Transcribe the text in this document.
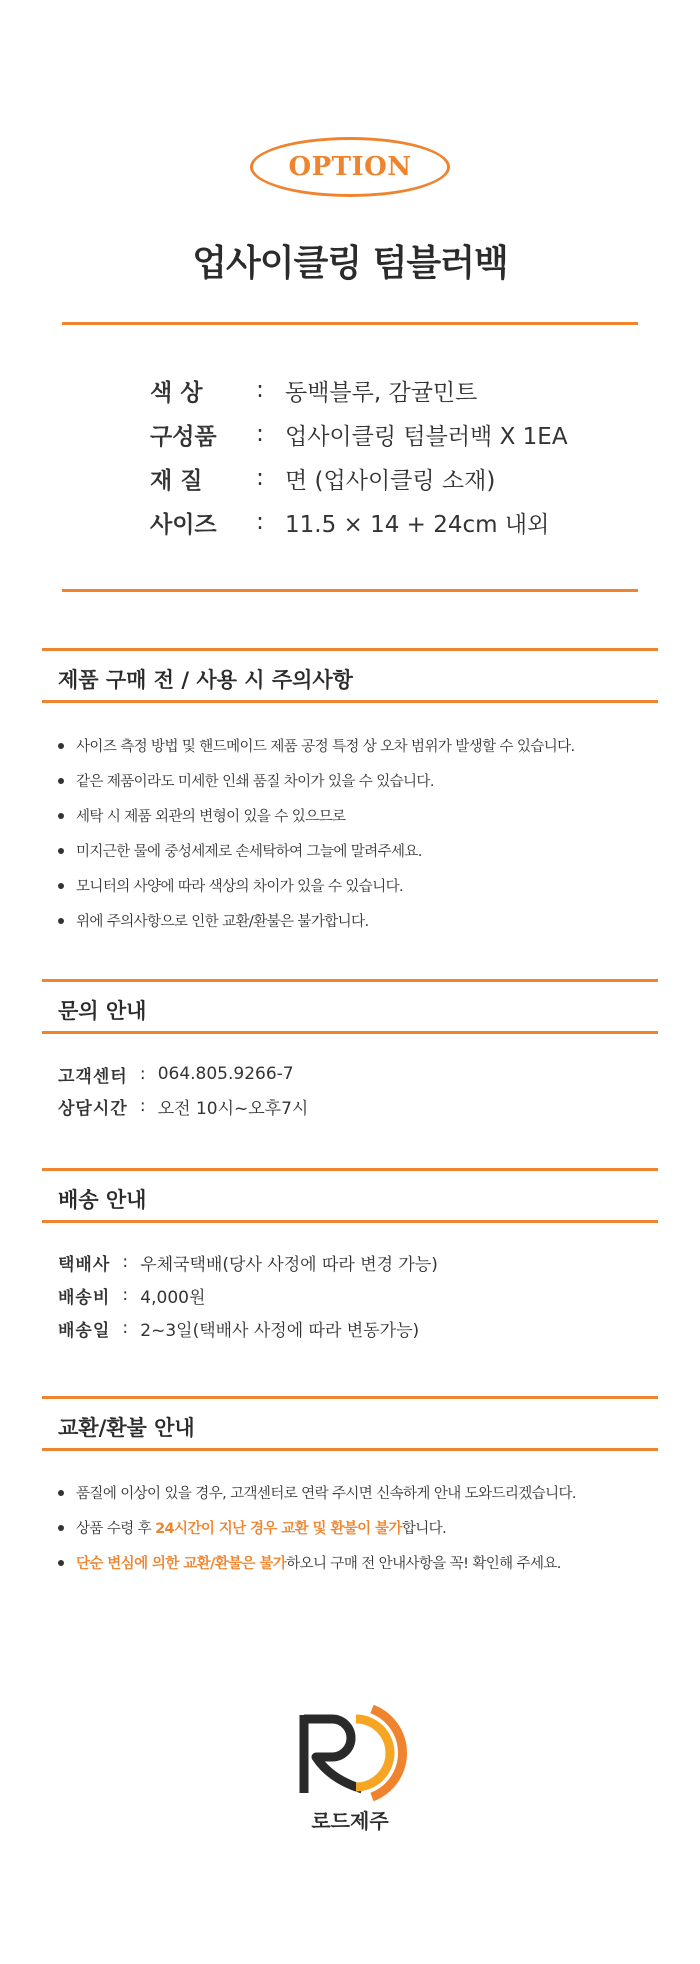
OPTION
업사이클링 텀블러백
색 상	: 동백블루, 감귤민트
구성품	: 업사이클링 텀블러백 X 1EA
재 질	: 면 (업사이클링 소재)
사이즈	: 11.5 × 14 + 24cm 내외
제품 구매 전 / 사용 시 주의사항
사이즈 측정 방법 및 핸드메이드 제품 공정 특정 상 오차 범위가 발생할 수 있습니다.
같은 제품이라도 미세한 인쇄 품질 차이가 있을 수 있습니다.
세탁 시 제품 외관의 변형이 있을 수 있으므로
미지근한 물에 중성세제로 손세탁하여 그늘에 말려주세요.
모니터의 사양에 따라 색상의 차이가 있을 수 있습니다.
위에 주의사항으로 인한 교환/환불은 불가합니다.
문의 안내
고객센터 : 064.805.9266-7
상담시간 : 오전 10시~오후7시
배송 안내
택배사 : 우체국택배(당사 사정에 따라 변경 가능)
배송비 : 4,000원
배송일 : 2~3일(택배사 사정에 따라 변동가능)
교환/환불 안내
품질에 이상이 있을 경우, 고객센터로 연락 주시면 신속하게 안내 도와드리겠습니다.
상품 수령 후 24시간이 지난 경우 교환 및 환불이 불가합니다.
단순 변심에 의한 교환/환불은 불가하오니 구매 전 안내사항을 꼭! 확인해 주세요.
로드제주
